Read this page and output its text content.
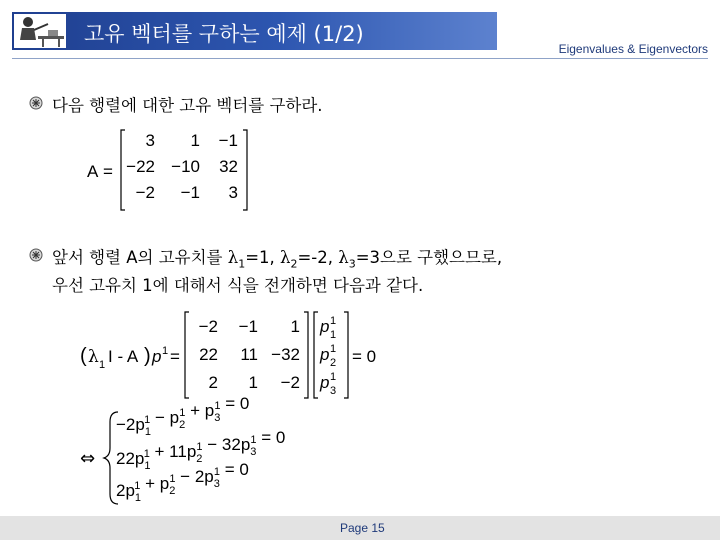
고유 벡터를 구하는 예제 (1/2)
Eigenvalues & Eigenvectors
다음 행렬에 대한 고유 벡터를 구하라.
A =
3 1 −1
−22 −10 32
−2 −1 3
앞서 행렬 A의 고유치를 $\lambda_1=1$, $\lambda_2=-2$, $\lambda_3=3$으로 구했으므로,
우선 고유치 1에 대해서 식을 전개하면 다음과 같다.
( λ 1 I - A ) p 1 =
−2 −1 1
22 11 −32
2 1 −2
p 1
1
p 2
1
p 3
1
= 0
⇔
$-2p_11 - p_21 + p_31 = 0$
$22p_11 + 11p_21 - 32p_31 = 0$
$2p_11 + p_21 - 2p_31 = 0$
Page 15
